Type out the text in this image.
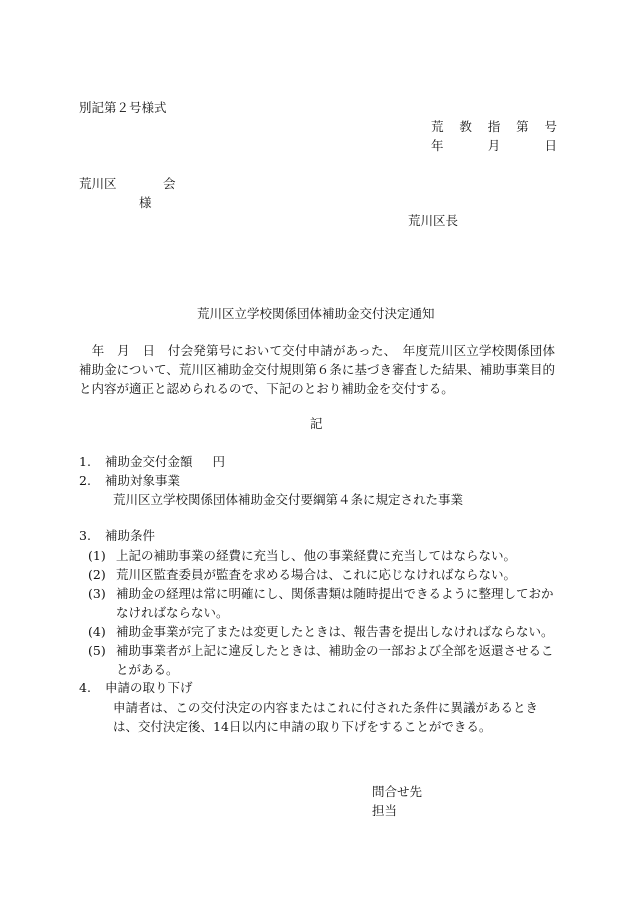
別記第２号様式
荒 教 指 第 号
年	月	日
荒川区	会
様
荒川区長
荒川区立学校関係団体補助金交付決定通知
　年　月　日　付会発第号において交付申請があった、　年度荒川区立学校関係団体補助金について、荒川区補助金交付規則第６条に基づき審査した結果、補助事業目的と内容が適正と認められるので、下記のとおり補助金を交付する。
記
1. 補助金交付金額 円
2. 補助対象事業
荒川区立学校関係団体補助金交付要綱第４条に規定された事業
3. 補助条件
(1) 上記の補助事業の経費に充当し、他の事業経費に充当してはならない。
(2) 荒川区監査委員が監査を求める場合は、これに応じなければならない。
(3) 補助金の経理は常に明確にし、関係書類は随時提出できるように整理しておかなければならない。
(4) 補助金事業が完了または変更したときは、報告書を提出しなければならない。
(5) 補助事業者が上記に違反したときは、補助金の一部および全部を返還させることがある。
4. 申請の取り下げ
申請者は、この交付決定の内容またはこれに付された条件に異議があるときは、交付決定後、14日以内に申請の取り下げをすることができる。
問合せ先
担当
